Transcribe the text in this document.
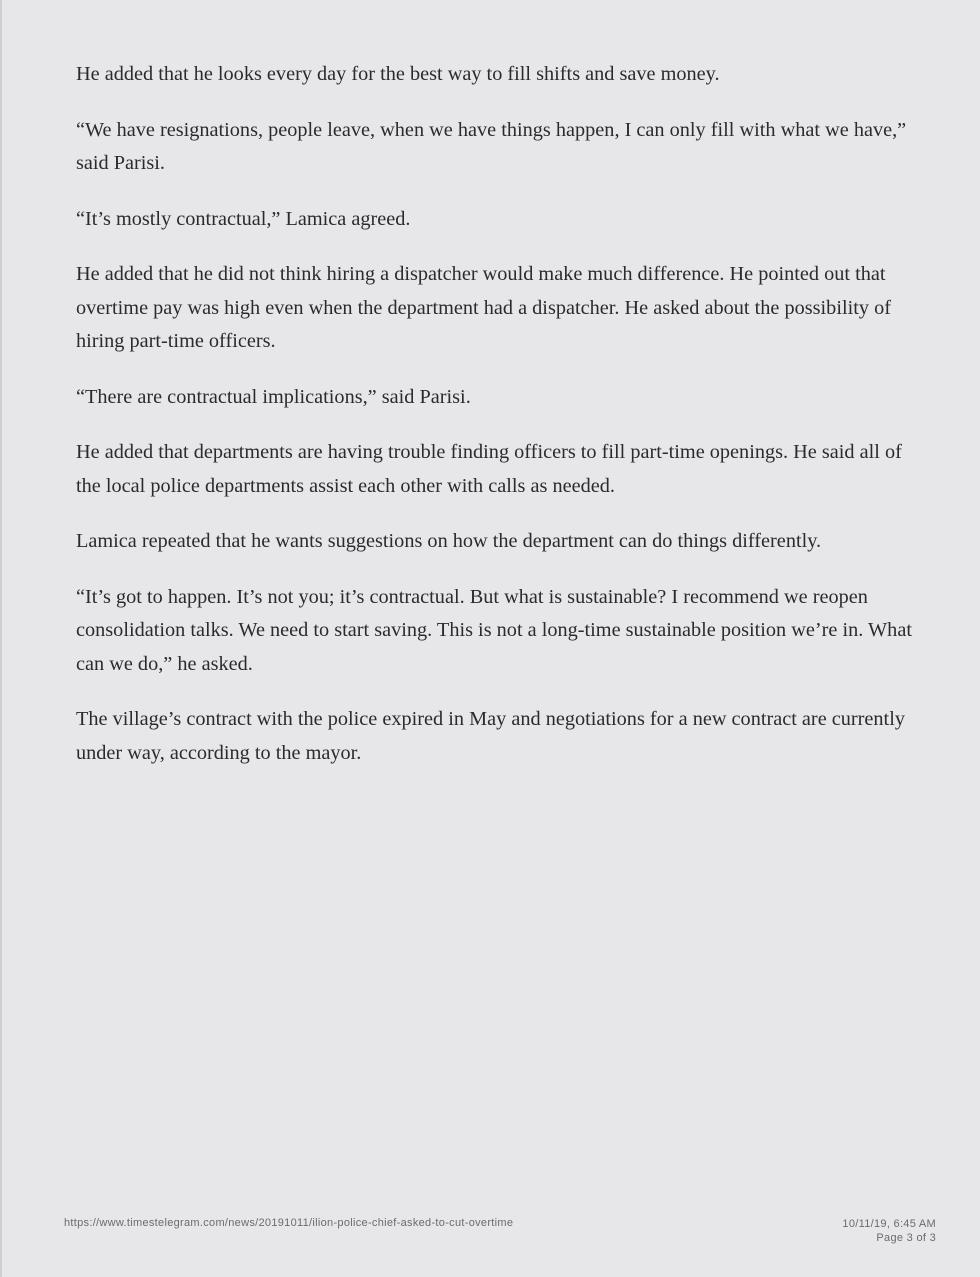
He added that he looks every day for the best way to fill shifts and save money.

“We have resignations, people leave, when we have things happen, I can only fill with what we have,” said Parisi.

“It’s mostly contractual,” Lamica agreed.

He added that he did not think hiring a dispatcher would make much difference. He pointed out that overtime pay was high even when the department had a dispatcher. He asked about the possibility of hiring part-time officers.

“There are contractual implications,” said Parisi.

He added that departments are having trouble finding officers to fill part-time openings. He said all of the local police departments assist each other with calls as needed.

Lamica repeated that he wants suggestions on how the department can do things differently.

“It’s got to happen. It’s not you; it’s contractual. But what is sustainable? I recommend we reopen consolidation talks. We need to start saving. This is not a long-time sustainable position we’re in. What can we do,” he asked.

The village’s contract with the police expired in May and negotiations for a new contract are currently under way, according to the mayor.

https://www.timestelegram.com/news/20191011/ilion-police-chief-asked-to-cut-overtime	10/11/19, 6:45 AM
Page 3 of 3
